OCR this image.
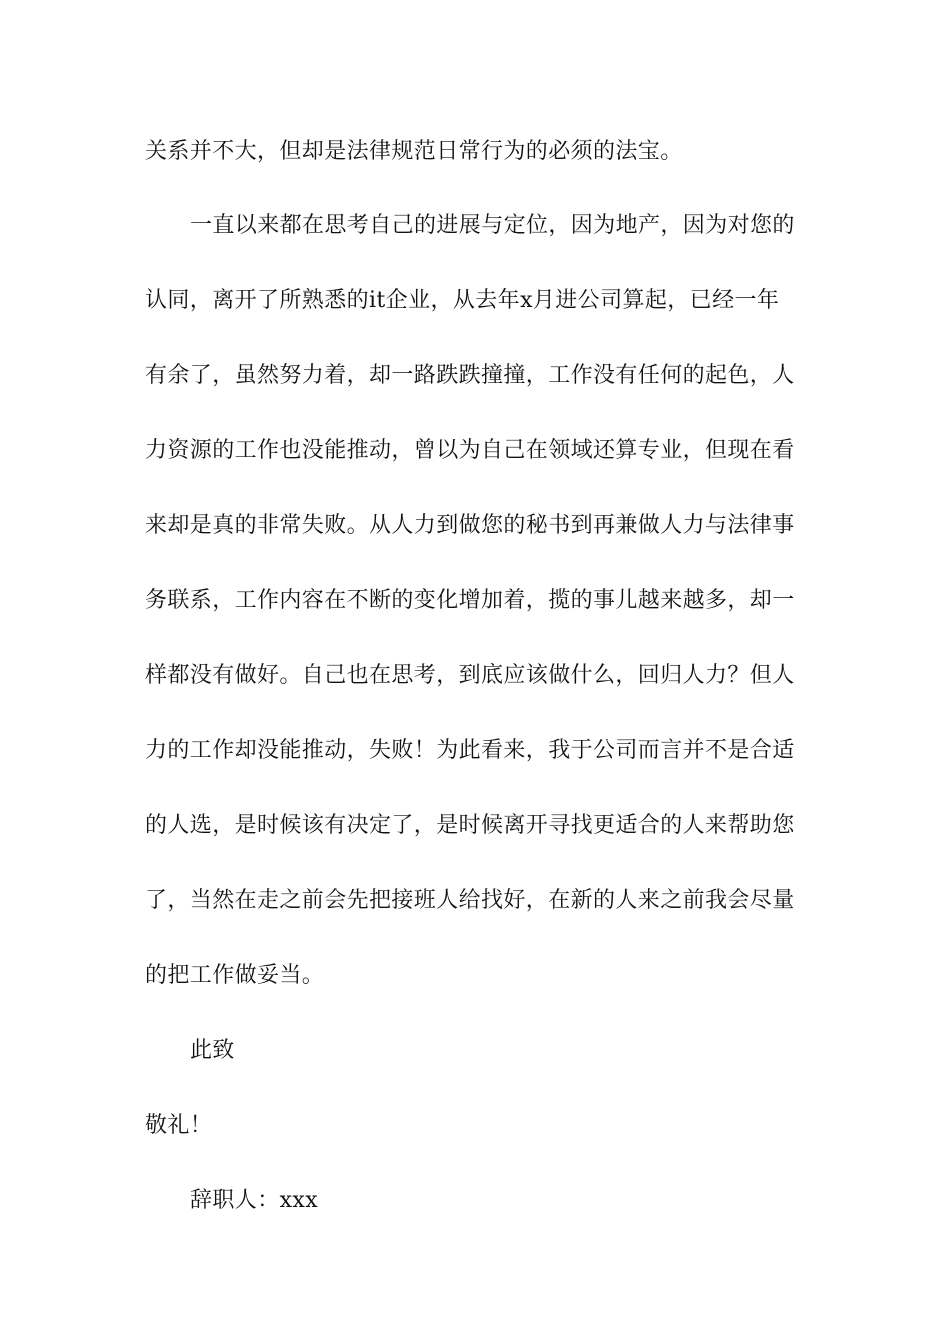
关系并不大，但却是法律规范日常行为的必须的法宝。
一直以来都在思考自己的进展与定位，因为地产，因为对您的
认同，离开了所熟悉的it企业，从去年x月进公司算起，已经一年
有余了，虽然努力着，却一路跌跌撞撞，工作没有任何的起色，人
力资源的工作也没能推动，曾以为自己在领域还算专业，但现在看
来却是真的非常失败。从人力到做您的秘书到再兼做人力与法律事
务联系，工作内容在不断的变化增加着，揽的事儿越来越多，却一
样都没有做好。自己也在思考，到底应该做什么，回归人力？但人
力的工作却没能推动，失败！为此看来，我于公司而言并不是合适
的人选，是时候该有决定了，是时候离开寻找更适合的人来帮助您
了，当然在走之前会先把接班人给找好，在新的人来之前我会尽量
的把工作做妥当。
此致
敬礼！
辞职人：xxx
